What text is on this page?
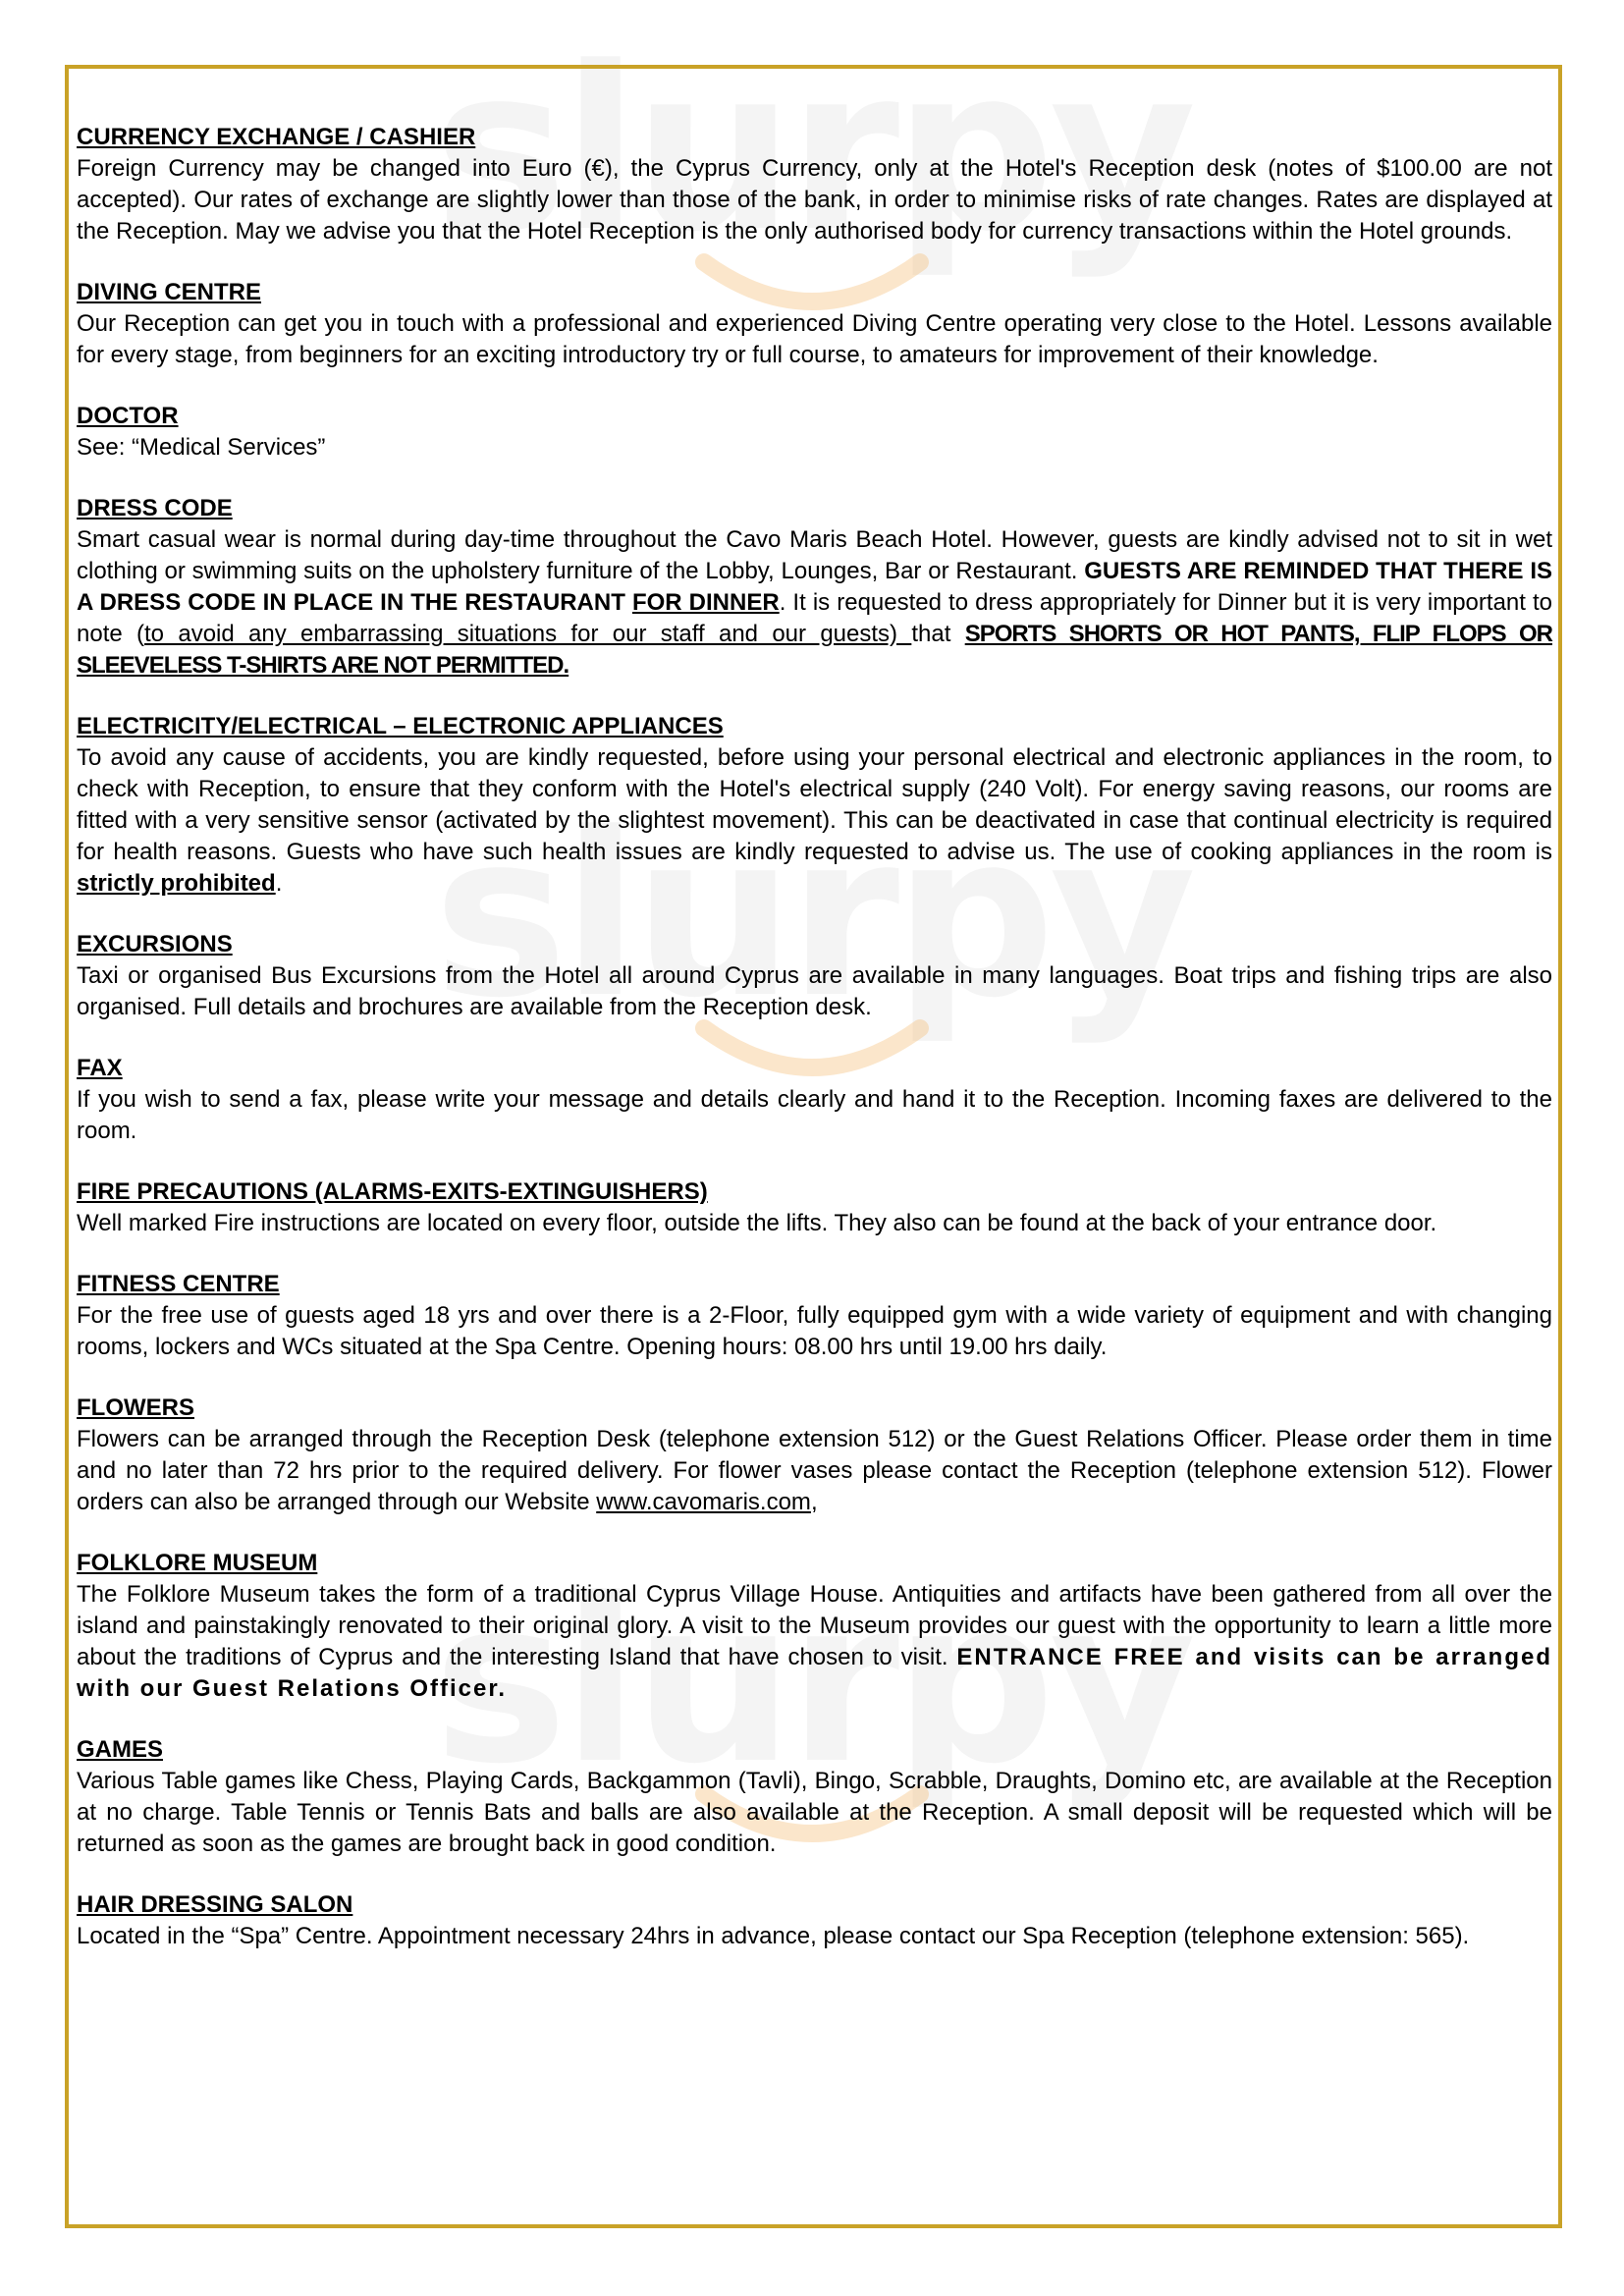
CURRENCY EXCHANGE / CASHIER

Foreign Currency may be changed into Euro (€), the Cyprus Currency, only at the Hotel's Reception desk (notes of $100.00 are not accepted). Our rates of exchange are slightly lower than those of the bank, in order to minimise risks of rate changes. Rates are displayed at the Reception. May we advise you that the Hotel Reception is the only authorised body for currency transactions within the Hotel grounds.

DIVING CENTRE

Our Reception can get you in touch with a professional and experienced Diving Centre operating very close to the Hotel. Lessons available for every stage, from beginners for an exciting introductory try or full course, to amateurs for improvement of their knowledge.

DOCTOR

See: “Medical Services”

DRESS CODE

Smart casual wear is normal during day-time throughout the Cavo Maris Beach Hotel. However, guests are kindly advised not to sit in wet clothing or swimming suits on the upholstery furniture of the Lobby, Lounges, Bar or Restaurant. GUESTS ARE REMINDED THAT THERE IS A DRESS CODE IN PLACE IN THE RESTAURANT FOR DINNER. It is requested to dress appropriately for Dinner but it is very important to note (to avoid any embarrassing situations for our staff and our guests) that SPORTS SHORTS OR HOT PANTS, FLIP FLOPS OR SLEEVELESS T-SHIRTS ARE NOT PERMITTED.

ELECTRICITY/ELECTRICAL – ELECTRONIC APPLIANCES

To avoid any cause of accidents, you are kindly requested, before using your personal electrical and electronic appliances in the room, to check with Reception, to ensure that they conform with the Hotel's electrical supply (240 Volt). For energy saving reasons, our rooms are fitted with a very sensitive sensor (activated by the slightest movement). This can be deactivated in case that continual electricity is required for health reasons. Guests who have such health issues are kindly requested to advise us. The use of cooking appliances in the room is strictly prohibited.

EXCURSIONS

Taxi or organised Bus Excursions from the Hotel all around Cyprus are available in many languages. Boat trips and fishing trips are also organised. Full details and brochures are available from the Reception desk.

FAX

If you wish to send a fax, please write your message and details clearly and hand it to the Reception. Incoming faxes are delivered to the room.

FIRE PRECAUTIONS (ALARMS-EXITS-EXTINGUISHERS)

Well marked Fire instructions are located on every floor, outside the lifts. They also can be found at the back of your entrance door.

FITNESS CENTRE

For the free use of guests aged 18 yrs and over there is a 2-Floor, fully equipped gym with a wide variety of equipment and with changing rooms, lockers and WCs situated at the Spa Centre. Opening hours: 08.00 hrs until 19.00 hrs daily.

FLOWERS

Flowers can be arranged through the Reception Desk (telephone extension 512) or the Guest Relations Officer. Please order them in time and no later than 72 hrs prior to the required delivery. For flower vases please contact the Reception (telephone extension 512). Flower orders can also be arranged through our Website www.cavomaris.com,

FOLKLORE MUSEUM

The Folklore Museum takes the form of a traditional Cyprus Village House. Antiquities and artifacts have been gathered from all over the island and painstakingly renovated to their original glory. A visit to the Museum provides our guest with the opportunity to learn a little more about the traditions of Cyprus and the interesting Island that have chosen to visit. ENTRANCE FREE and visits can be arranged with our Guest Relations Officer.

GAMES

Various Table games like Chess, Playing Cards, Backgammon (Tavli), Bingo, Scrabble, Draughts, Domino etc, are available at the Reception at no charge. Table Tennis or Tennis Bats and balls are also available at the Reception. A small deposit will be requested which will be returned as soon as the games are brought back in good condition.

HAIR DRESSING SALON

Located in the “Spa” Centre. Appointment necessary 24hrs in advance, please contact our Spa Reception (telephone extension: 565).
